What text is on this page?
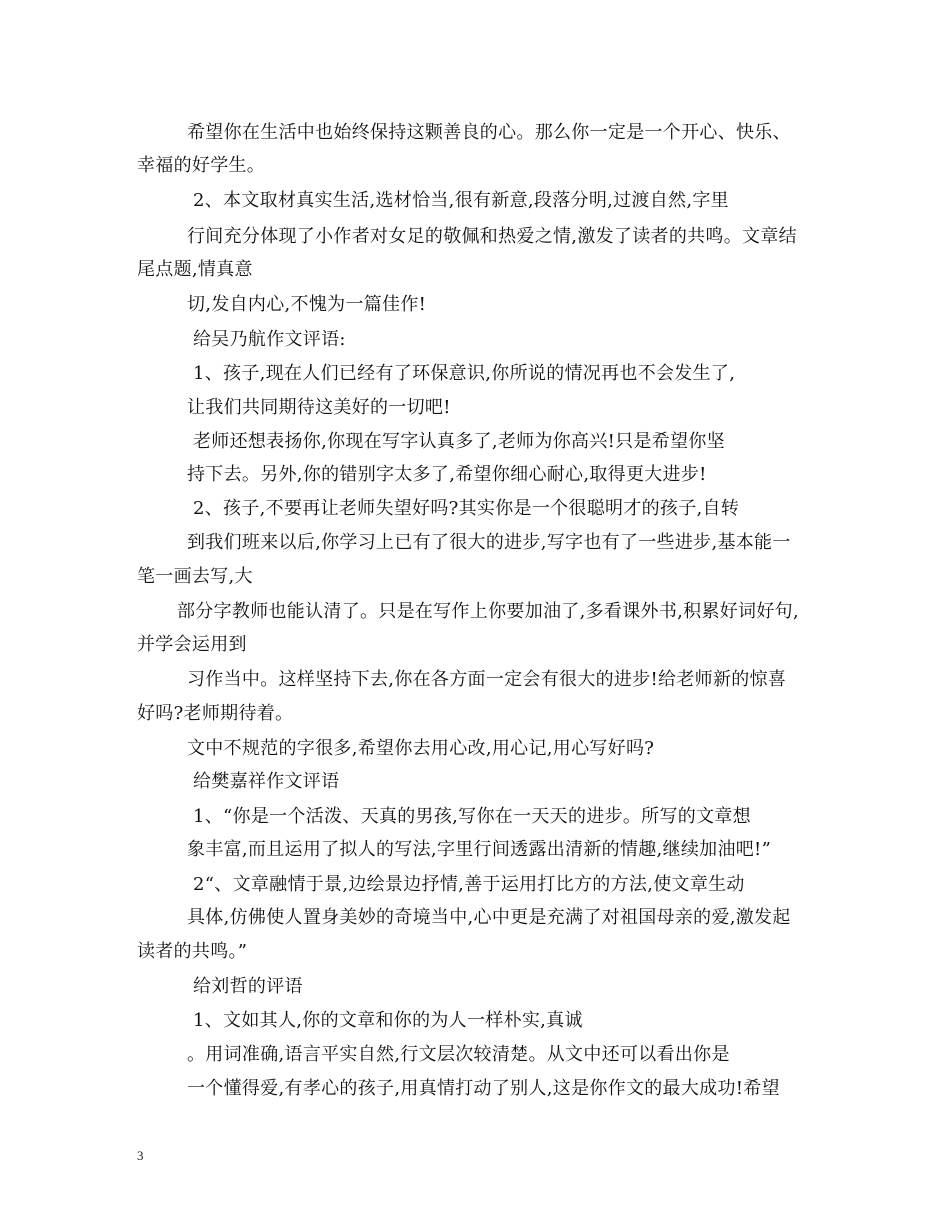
希望你在生活中也始终保持这颗善良的心。那么你一定是一个开心、快乐、
幸福的好学生。
2、本文取材真实生活,选材恰当,很有新意,段落分明,过渡自然,字里
行间充分体现了小作者对女足的敬佩和热爱之情,激发了读者的共鸣。文章结
尾点题,情真意
切,发自内心,不愧为一篇佳作!
给吴乃航作文评语:
1、孩子,现在人们已经有了环保意识,你所说的情况再也不会发生了,
让我们共同期待这美好的一切吧!
老师还想表扬你,你现在写字认真多了,老师为你高兴!只是希望你坚
持下去。另外,你的错别字太多了,希望你细心耐心,取得更大进步!
2、孩子,不要再让老师失望好吗?其实你是一个很聪明才的孩子,自转
到我们班来以后,你学习上已有了很大的进步,写字也有了一些进步,基本能一
笔一画去写,大
部分字教师也能认清了。只是在写作上你要加油了,多看课外书,积累好词好句,
并学会运用到
习作当中。这样坚持下去,你在各方面一定会有很大的进步!给老师新的惊喜
好吗?老师期待着。
文中不规范的字很多,希望你去用心改,用心记,用心写好吗?
给樊嘉祥作文评语
1、“你是一个活泼、天真的男孩,写你在一天天的进步。所写的文章想
象丰富,而且运用了拟人的写法,字里行间透露出清新的情趣,继续加油吧!”
2“、文章融情于景,边绘景边抒情,善于运用打比方的方法,使文章生动
具体,仿佛使人置身美妙的奇境当中,心中更是充满了对祖国母亲的爱,激发起
读者的共鸣。”
给刘哲的评语
1、文如其人,你的文章和你的为人一样朴实,真诚
。用词准确,语言平实自然,行文层次较清楚。从文中还可以看出你是
一个懂得爱,有孝心的孩子,用真情打动了别人,这是你作文的最大成功!希望
3
